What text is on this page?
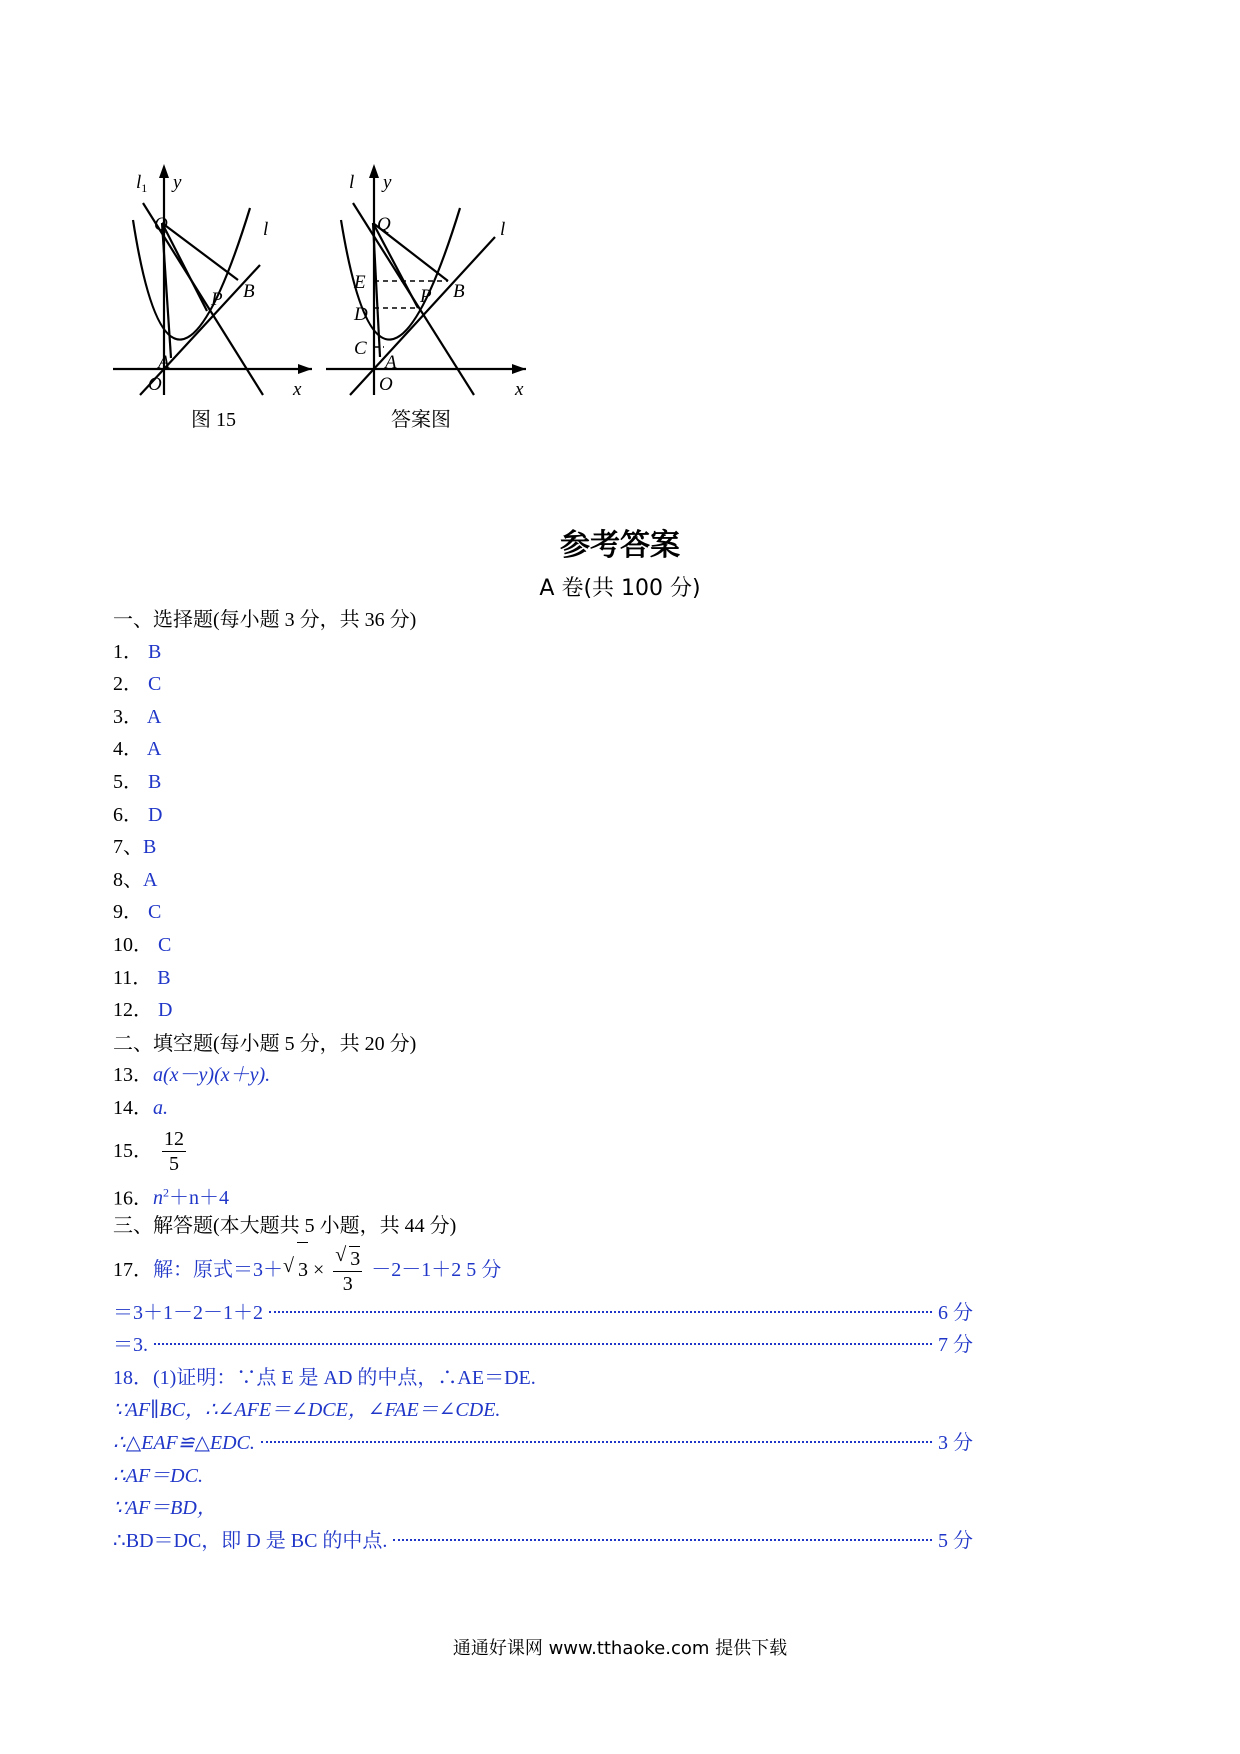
$l_1$ y
x
O
Q
A
B
P
l
l y
x
O
Q
A
B
P
E
D
C
l
图 15	答案图
参考答案
A 卷(共 100 分)
一、选择题(每小题 3 分，共 36 分)
1． B
2． C
3． A
4． A
5． B
6． D
7、B
8、A
9． C
10． C
11． B
12． D
二、填空题(每小题 5 分，共 20 分)
13．a(x－y)(x＋y).
14．a.
15． $\frac{12}{5}$
16．$n^2+n+4$
三、解答题(本大题共 5 小题，共 44 分)
17．解：原式＝3＋ √ 3 × √ $\frac{3}{3} -2-1+2$ 5 分
＝3＋1－2－1＋2	6 分
＝3.	7 分
18．(1)证明：∵点 E 是 AD 的中点，∴AE＝DE.
∵AF∥BC，∴∠AFE＝∠DCE，∠FAE＝∠CDE.
∴△EAF≌△EDC.	3 分
∴AF＝DC.
∵AF＝BD，
∴BD＝DC，即 D 是 BC 的中点.	5 分
通通好课网 www.tthaoke.com 提供下载
